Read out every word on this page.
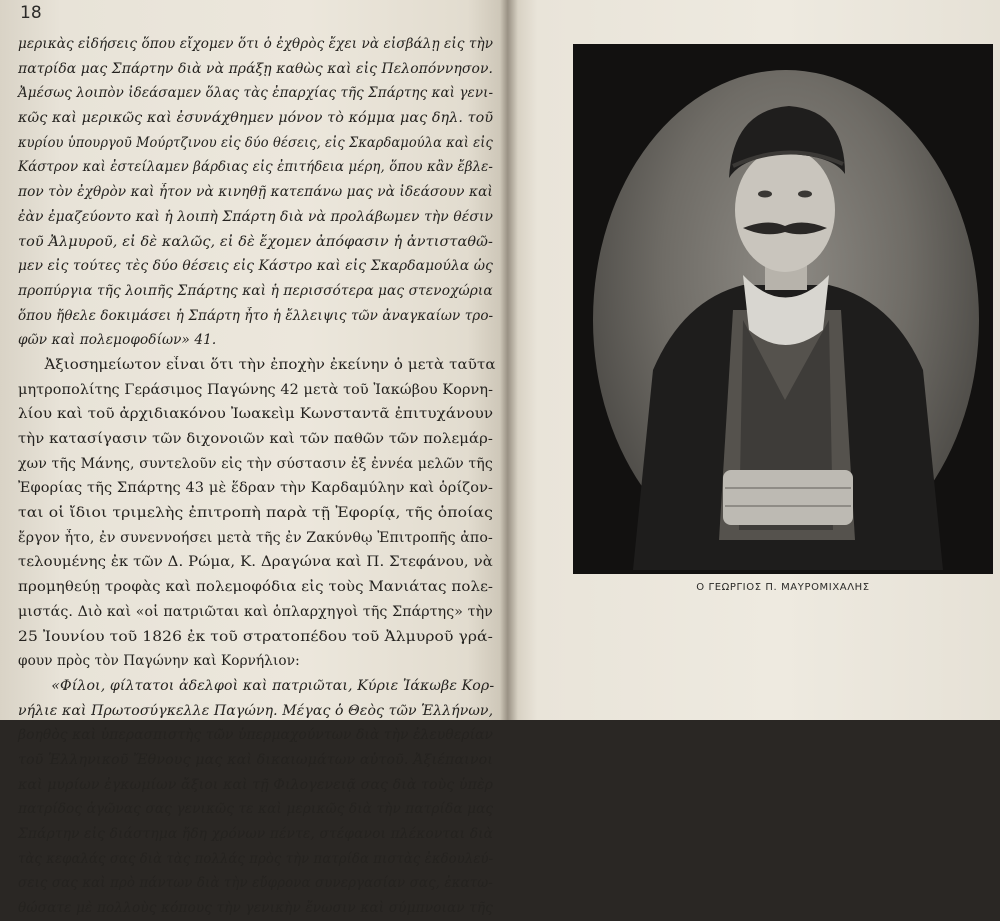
18
μερικὰς εἰδήσεις ὅπου εἴχομεν ὅτι ὁ ἐχθρὸς ἔχει νὰ εἰσβάλῃ εἰς τὴν
πατρίδα μας Σπάρτην διὰ νὰ πράξῃ καθὼς καὶ εἰς Πελοπόννησον.
Ἀμέσως λοιπὸν ἰδεάσαμεν ὅλας τὰς ἐπαρχίας τῆς Σπάρτης καὶ γενι-
κῶς καὶ μερικῶς καὶ ἐσυνάχθημεν μόνον τὸ κόμμα μας δηλ. τοῦ
κυρίου ὑπουργοῦ Μούρτζινου εἰς δύο θέσεις, εἰς Σκαρδαμούλα καὶ εἰς
Κάστρον καὶ ἐστείλαμεν βάρδιας εἰς ἐπιτήδεια μέρη, ὅπου κἂν ἔβλε-
πον τὸν ἐχθρὸν καὶ ἦτον νὰ κινηθῇ κατεπάνω μας νὰ ἰδεάσουν καὶ
ἐὰν ἐμαζεύοντο καὶ ἡ λοιπὴ Σπάρτη διὰ νὰ προλάβωμεν τὴν θέσιν
τοῦ Ἀλμυροῦ, εἰ δὲ καλῶς, εἰ δὲ ἔχομεν ἀπόφασιν ἡ ἀντισταθῶ-
μεν εἰς τούτες τὲς δύο θέσεις εἰς Κάστρο καὶ εἰς Σκαρδαμούλα ὡς
προπύργια τῆς λοιπῆς Σπάρτης καὶ ἡ περισσότερα μας στενοχώρια
ὅπου ἤθελε δοκιμάσει ἡ Σπάρτη ἦτο ἡ ἔλλειψις τῶν ἀναγκαίων τρο-
φῶν καὶ πολεμοφοδίων» 41.
Ἀξιοσημείωτον εἶναι ὅτι τὴν ἐποχὴν ἐκείνην ὁ μετὰ ταῦτα
μητροπολίτης Γεράσιμος Παγώνης 42 μετὰ τοῦ Ἰακώβου Κορνη-
λίου καὶ τοῦ ἀρχιδιακόνου Ἰωακεὶμ Κωνσταντᾶ ἐπιτυχάνουν
τὴν κατασίγασιν τῶν διχονοιῶν καὶ τῶν παθῶν τῶν πολεμάρ-
χων τῆς Μάνης, συντελοῦν εἰς τὴν σύστασιν ἐξ ἐννέα μελῶν τῆς
Ἐφορίας τῆς Σπάρτης 43 μὲ ἕδραν τὴν Καρδαμύλην καὶ ὁρίζον-
ται οἱ ἴδιοι τριμελὴς ἐπιτροπὴ παρὰ τῇ Ἐφορίᾳ, τῆς ὁποίας
ἔργον ἦτο, ἐν συνεννοήσει μετὰ τῆς ἐν Ζακύνθῳ Ἐπιτροπῆς ἀπο-
τελουμένης ἐκ τῶν Δ. Ρώμα, Κ. Δραγώνα καὶ Π. Στεφάνου, νὰ
προμηθεύῃ τροφὰς καὶ πολεμοφόδια εἰς τοὺς Μανιάτας πολε-
μιστάς. Διὸ καὶ «οἱ πατριῶται καὶ ὁπλαρχηγοὶ τῆς Σπάρτης» τὴν
25 Ἰουνίου τοῦ 1826 ἐκ τοῦ στρατοπέδου τοῦ Ἀλμυροῦ γρά-
φουν πρὸς τὸν Παγώνην καὶ Κορνήλιον:
«Φίλοι, φίλτατοι ἀδελφοὶ καὶ πατριῶται, Κύριε Ἰάκωβε Κορ-
νήλιε καὶ Πρωτοσύγκελλε Παγώνη. Μέγας ὁ Θεὸς τῶν Ἑλλήνων,
βοηθὸς καὶ ὑπερασπιστὴς τῶν ὑπερμαχούντων διὰ τὴν ἐλευθερίαν
τοῦ Ἑλληνικοῦ Ἔθνους μας καὶ δικαιωμάτων αὐτοῦ. Ἀξιέπαινοι
καὶ μυρίων ἐγκωμίων ἄξιοι καὶ τῇ Φιλογενειᾷ σας διὰ τοὺς ὑπὲρ
πατρίδος ἀγῶνας σας γενικῶς τε καὶ μερικῶς διὰ τὴν πατρίδα μας
Σπάρτην εἰς διάστημα ἤδη χρόνων πέντε, στέφανοι πλέκονται διὰ
τὰς κεφαλάς σας διὰ τὰς πολλάς πρὸς τὴν πατρίδα πιστὰς ἐκδουλεύ-
σεις σας καὶ πρὸ πάντων διὰ τὴν εὔφρονα συνεργασίαν σας, ἐκατω-
θώσατε μὲ πολλοὺς κόπους τὴν γενικὴν ἕνωσιν καὶ σύμπνοιαν τῆς
Ο ΓΕΩΡΓΙΟΣ Π. ΜΑΥΡΟΜΙΧΑΛΗΣ
